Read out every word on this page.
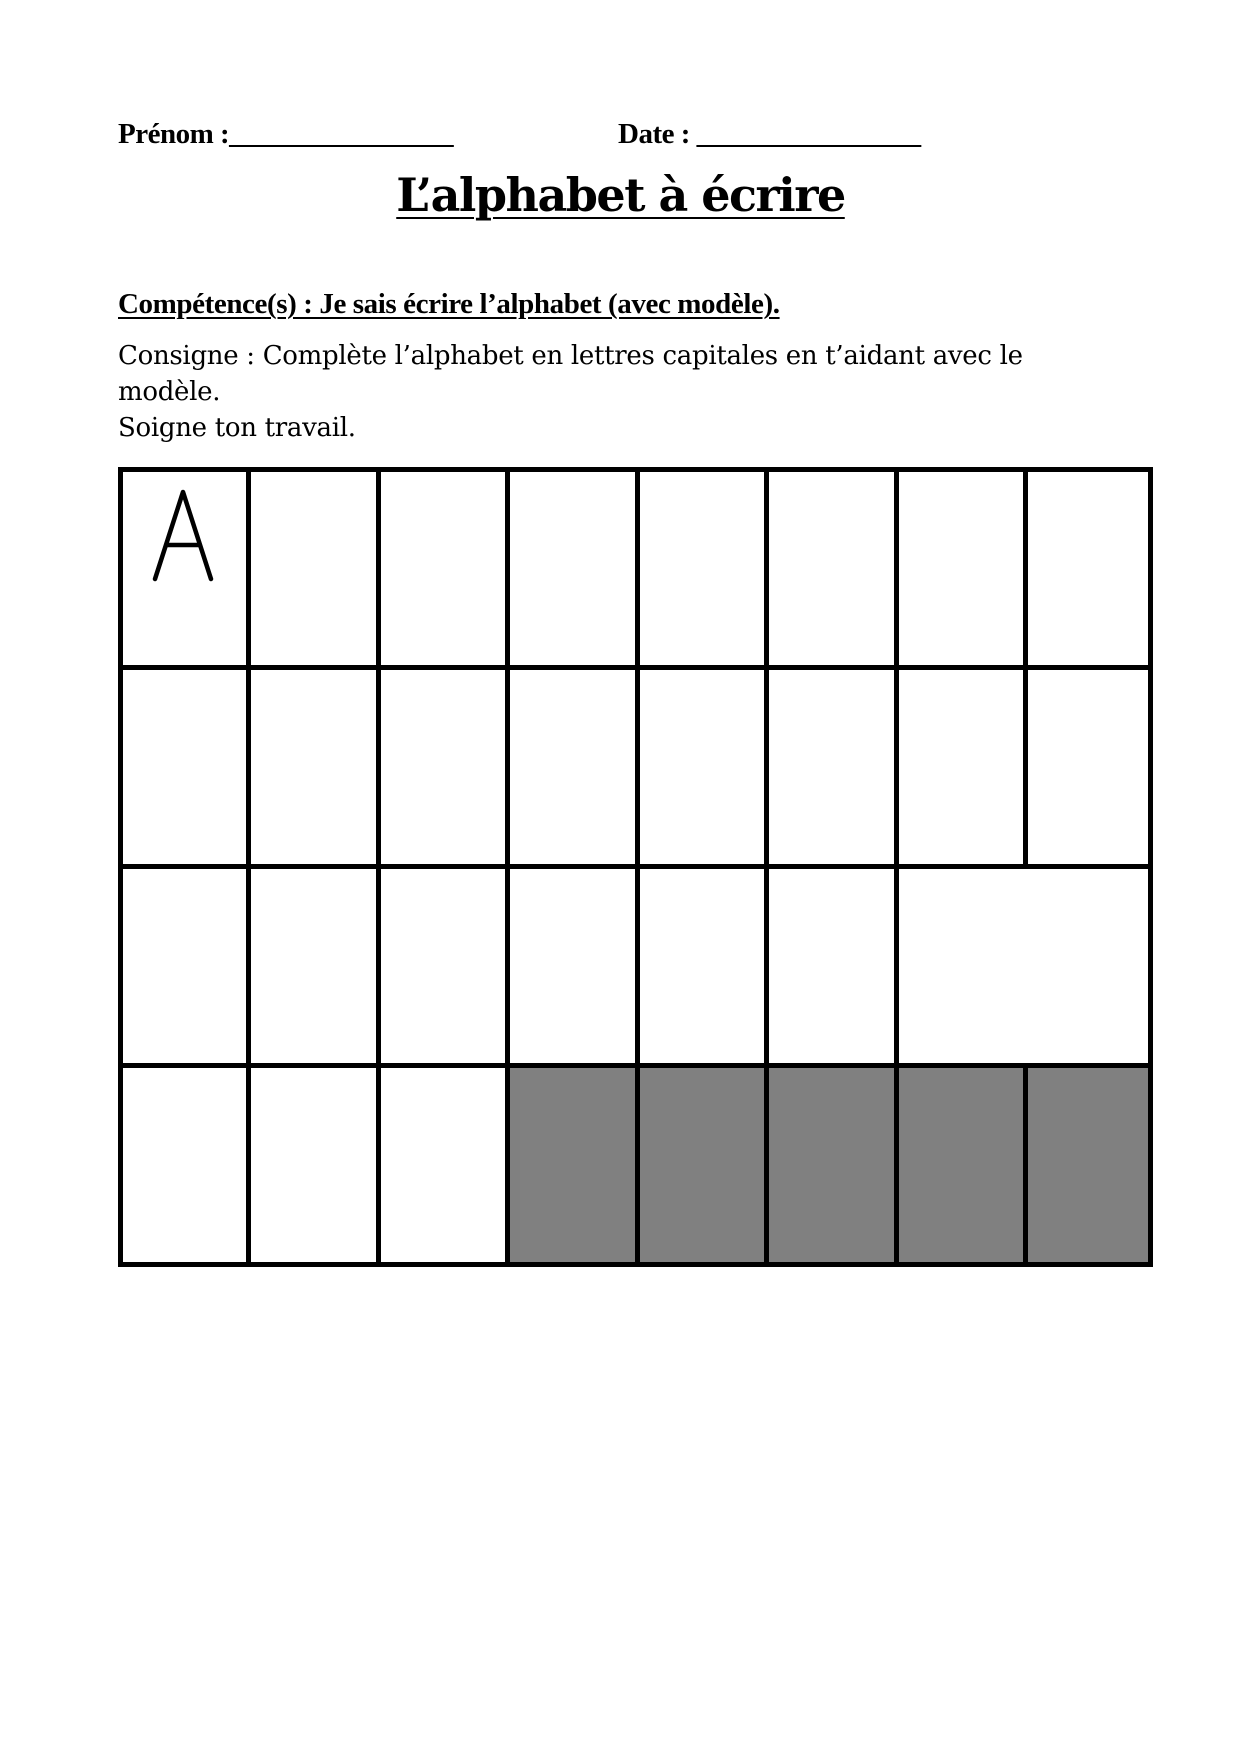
Prénom :________________	Date : ________________
L’alphabet à écrire
Compétence(s) : Je sais écrire l’alphabet (avec modèle).
Consigne : Complète l’alphabet en lettres capitales en t’aidant avec le modèle.
Soigne ton travail.
